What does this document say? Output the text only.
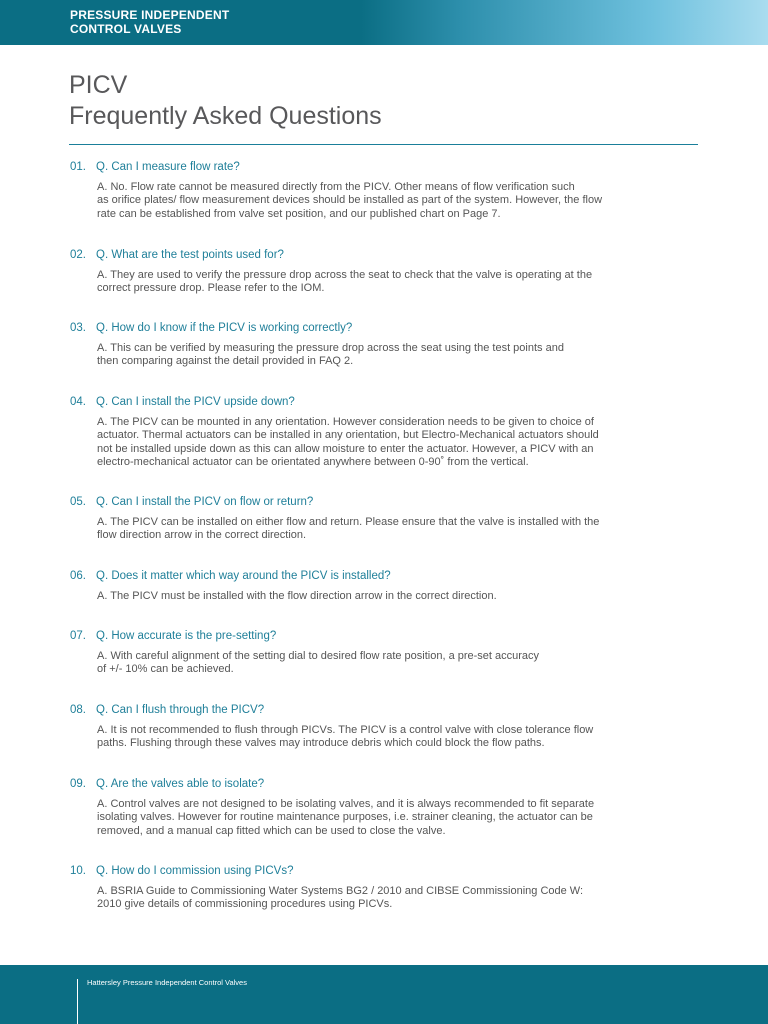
PRESSURE INDEPENDENT
CONTROL VALVES
PICV
Frequently Asked Questions
01. Q. Can I measure flow rate?
A. No. Flow rate cannot be measured directly from the PICV. Other means of flow verification such
as orifice plates/ flow measurement devices should be installed as part of the system. However, the flow
rate can be established from valve set position, and our published chart on Page 7.
02. Q. What are the test points used for?
A. They are used to verify the pressure drop across the seat to check that the valve is operating at the
correct pressure drop. Please refer to the IOM.
03. Q. How do I know if the PICV is working correctly?
A. This can be verified by measuring the pressure drop across the seat using the test points and
then comparing against the detail provided in FAQ 2.
04. Q. Can I install the PICV upside down?
A. The PICV can be mounted in any orientation. However consideration needs to be given to choice of
actuator. Thermal actuators can be installed in any orientation, but Electro-Mechanical actuators should
not be installed upside down as this can allow moisture to enter the actuator. However, a PICV with an
electro-mechanical actuator can be orientated anywhere between 0-90˚ from the vertical.
05. Q. Can I install the PICV on flow or return?
A. The PICV can be installed on either flow and return. Please ensure that the valve is installed with the
flow direction arrow in the correct direction.
06. Q. Does it matter which way around the PICV is installed?
A. The PICV must be installed with the flow direction arrow in the correct direction.
07. Q. How accurate is the pre-setting?
A. With careful alignment of the setting dial to desired flow rate position, a pre-set accuracy
of +/- 10% can be achieved.
08. Q. Can I flush through the PICV?
A. It is not recommended to flush through PICVs. The PICV is a control valve with close tolerance flow
paths. Flushing through these valves may introduce debris which could block the flow paths.
09. Q. Are the valves able to isolate?
A. Control valves are not designed to be isolating valves, and it is always recommended to fit separate
isolating valves. However for routine maintenance purposes, i.e. strainer cleaning, the actuator can be
removed, and a manual cap fitted which can be used to close the valve.
10. Q. How do I commission using PICVs?
A. BSRIA Guide to Commissioning Water Systems BG2 / 2010 and CIBSE Commissioning Code W:
2010 give details of commissioning procedures using PICVs.
Hattersley Pressure Independent Control Valves
